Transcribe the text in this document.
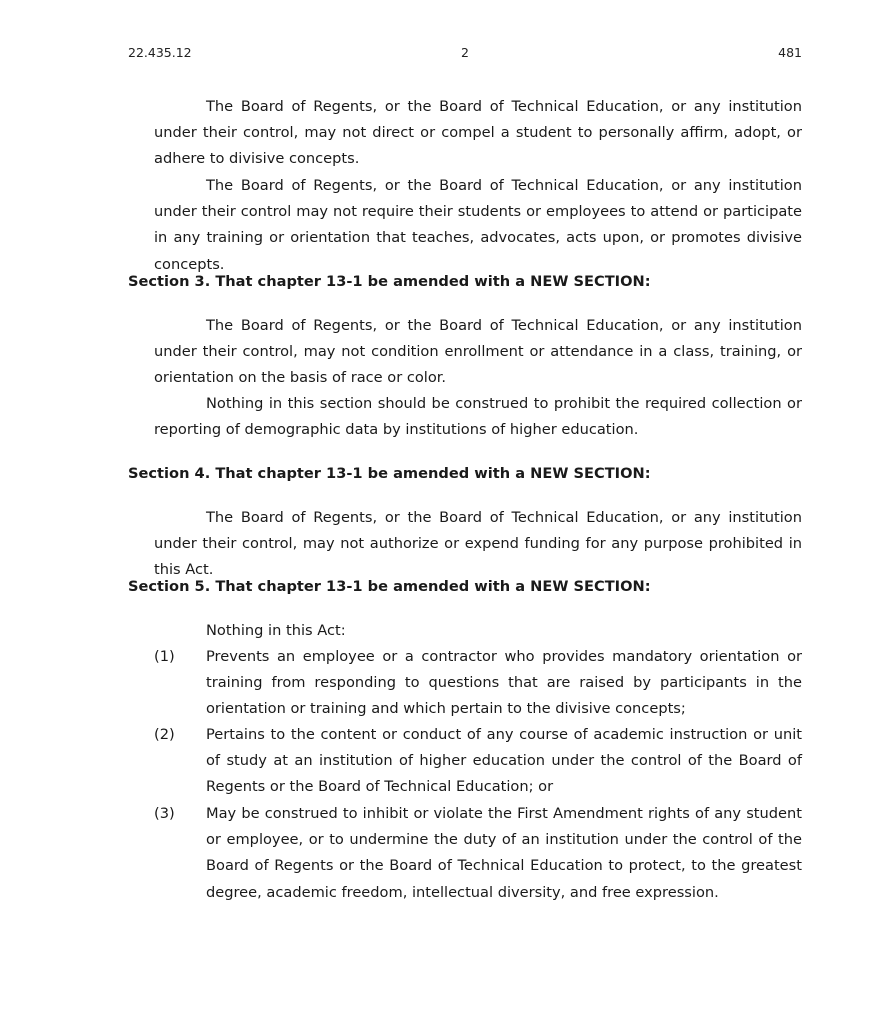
22.435.12	2	481

The Board of Regents, or the Board of Technical Education, or any institution under their control, may not direct or compel a student to personally affirm, adopt, or adhere to divisive concepts.

The Board of Regents, or the Board of Technical Education, or any institution under their control may not require their students or employees to attend or participate in any training or orientation that teaches, advocates, acts upon, or promotes divisive concepts.

Section 3. That chapter 13-1 be amended with a NEW SECTION:

The Board of Regents, or the Board of Technical Education, or any institution under their control, may not condition enrollment or attendance in a class, training, or orientation on the basis of race or color.

Nothing in this section should be construed to prohibit the required collection or reporting of demographic data by institutions of higher education.

Section 4. That chapter 13-1 be amended with a NEW SECTION:

The Board of Regents, or the Board of Technical Education, or any institution under their control, may not authorize or expend funding for any purpose prohibited in this Act.

Section 5. That chapter 13-1 be amended with a NEW SECTION:

Nothing in this Act:

(1)	Prevents an employee or a contractor who provides mandatory orientation or training from responding to questions that are raised by participants in the orientation or training and which pertain to the divisive concepts;
(2)	Pertains to the content or conduct of any course of academic instruction or unit of study at an institution of higher education under the control of the Board of Regents or the Board of Technical Education; or
(3)	May be construed to inhibit or violate the First Amendment rights of any student or employee, or to undermine the duty of an institution under the control of the Board of Regents or the Board of Technical Education to protect, to the greatest degree, academic freedom, intellectual diversity, and free expression.
